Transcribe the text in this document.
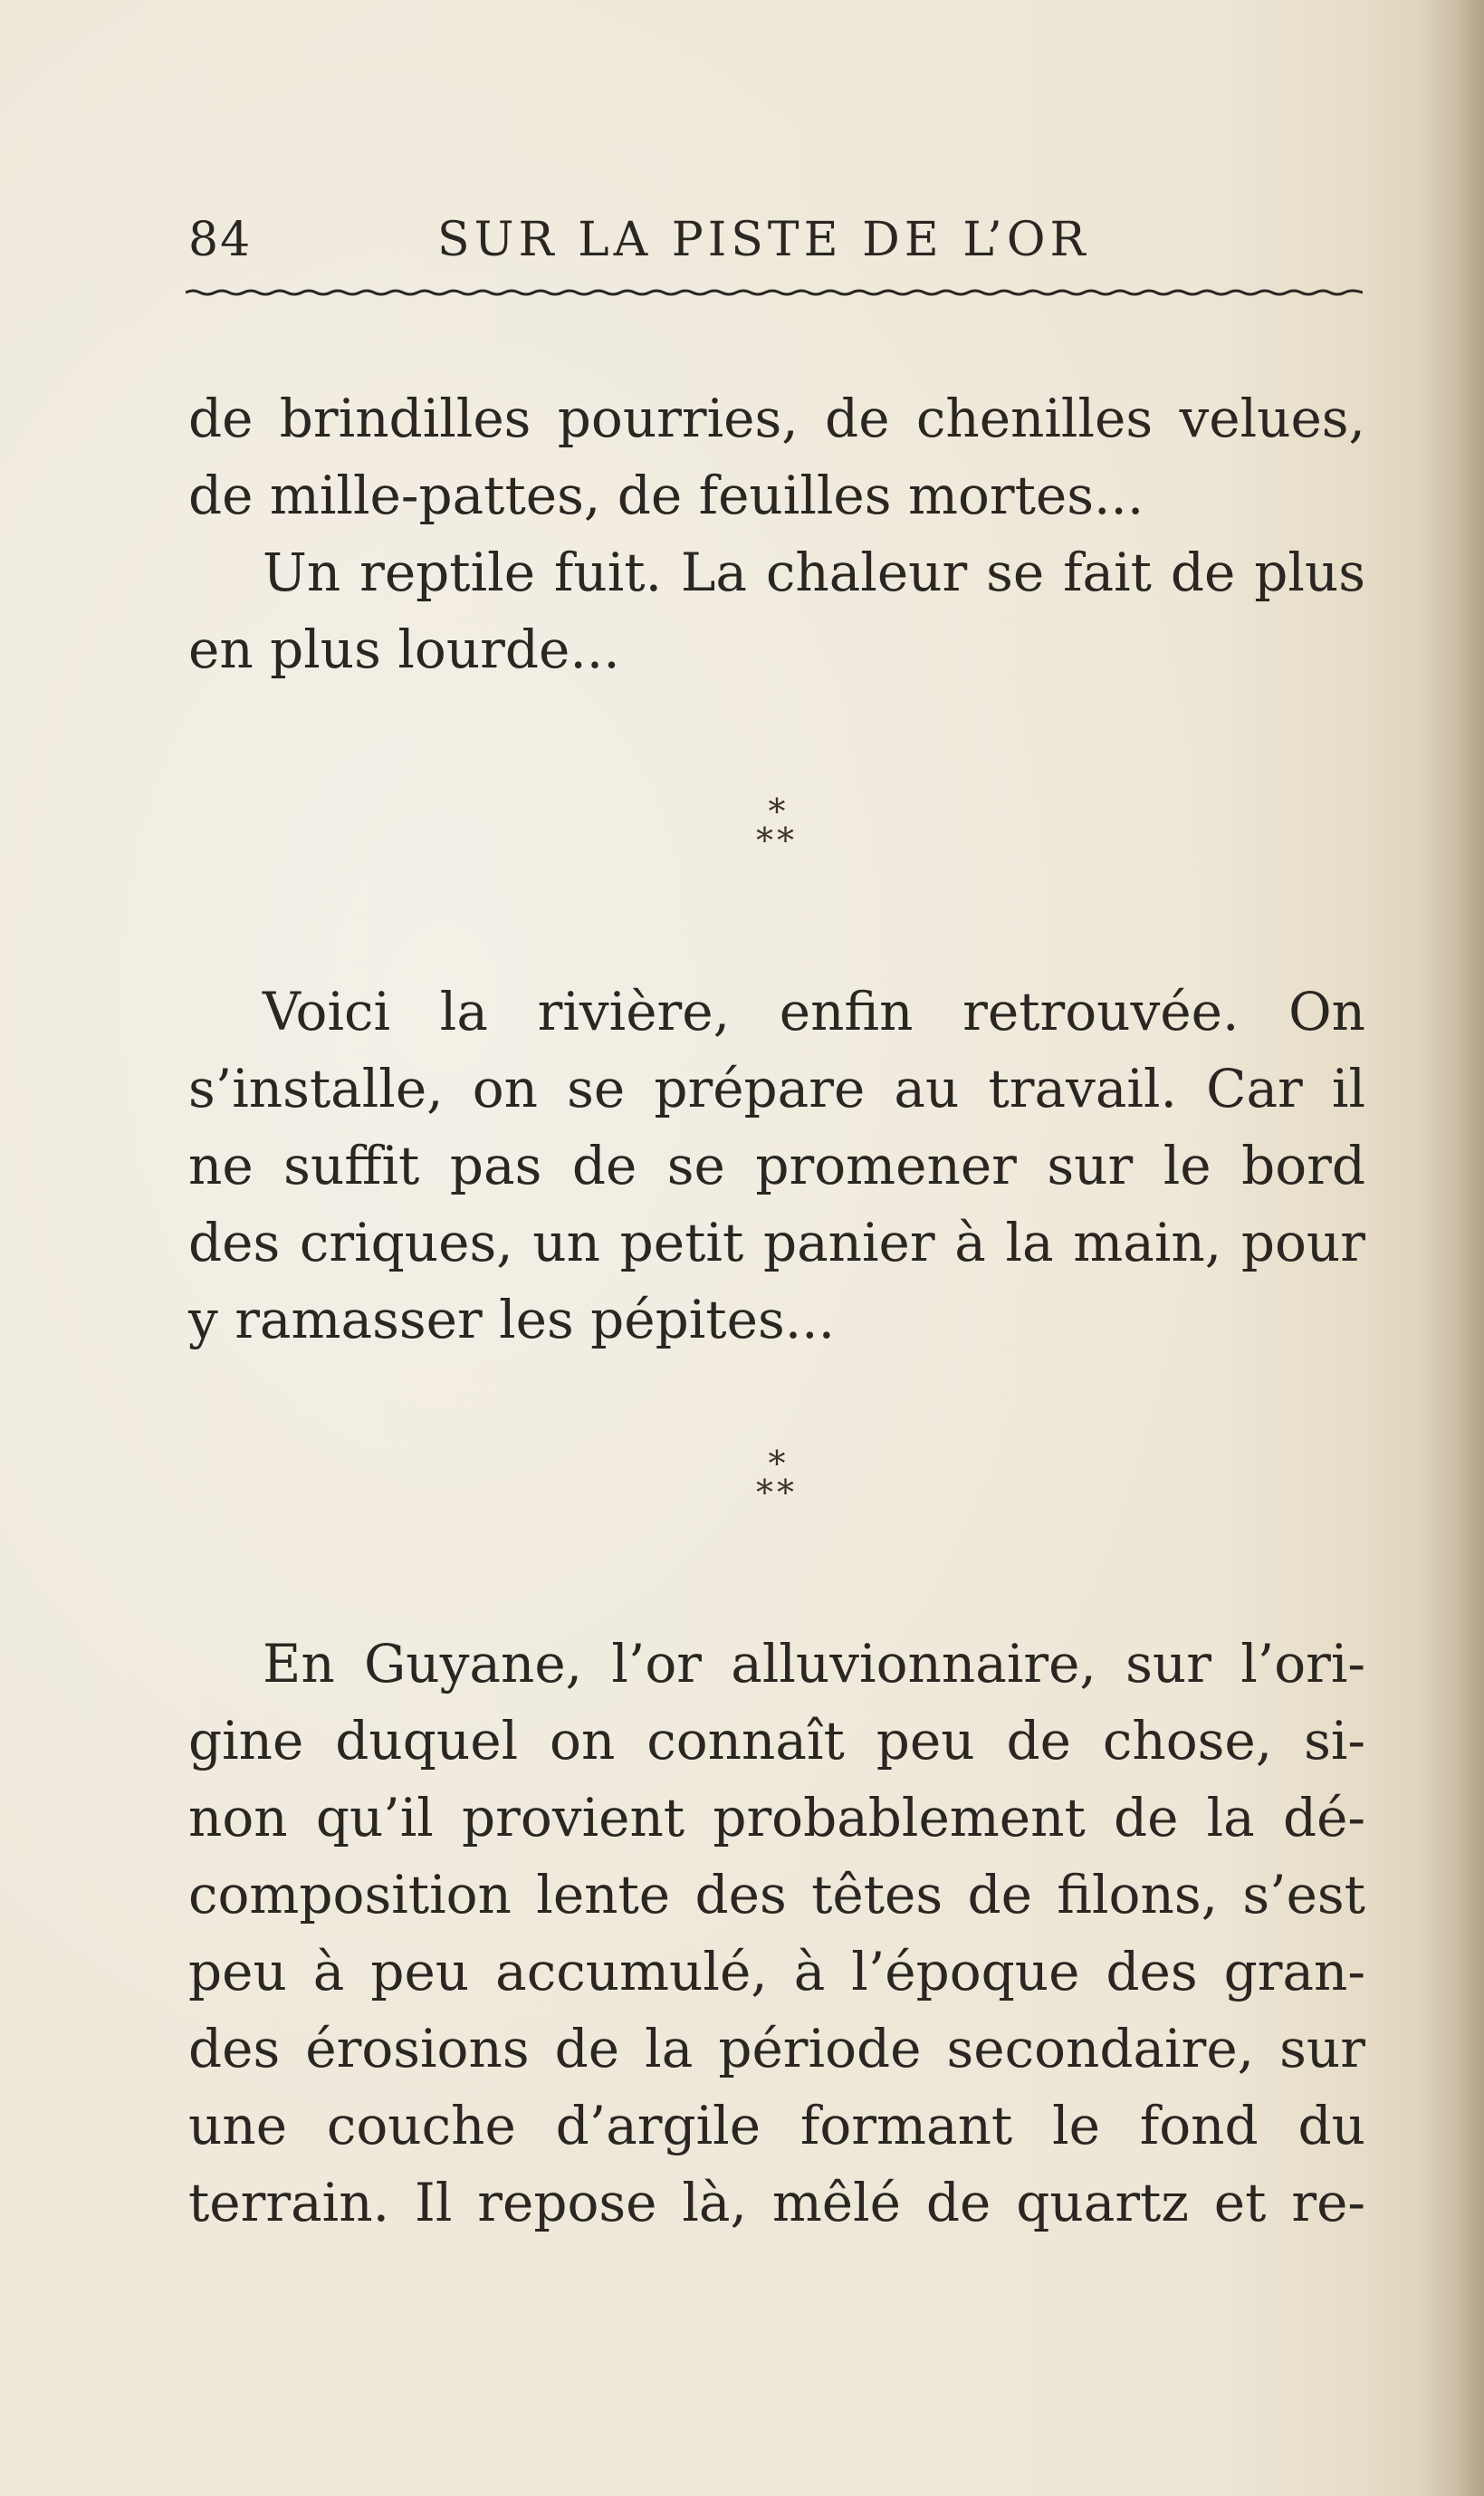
84	SUR LA PISTE DE L’OR
de brindilles pourries, de chenilles velues,
de mille-pattes, de feuilles mortes...
Un reptile fuit. La chaleur se fait de plus
en plus lourde...
*
**
Voici la rivière, enfin retrouvée. On
s’installe, on se prépare au travail. Car il
ne suffit pas de se promener sur le bord
des criques, un petit panier à la main, pour
y ramasser les pépites...
*
**
En Guyane, l’or alluvionnaire, sur l’ori-
gine duquel on connaît peu de chose, si-
non qu’il provient probablement de la dé-
composition lente des têtes de filons, s’est
peu à peu accumulé, à l’époque des gran-
des érosions de la période secondaire, sur
une couche d’argile formant le fond du
terrain. Il repose là, mêlé de quartz et re-
